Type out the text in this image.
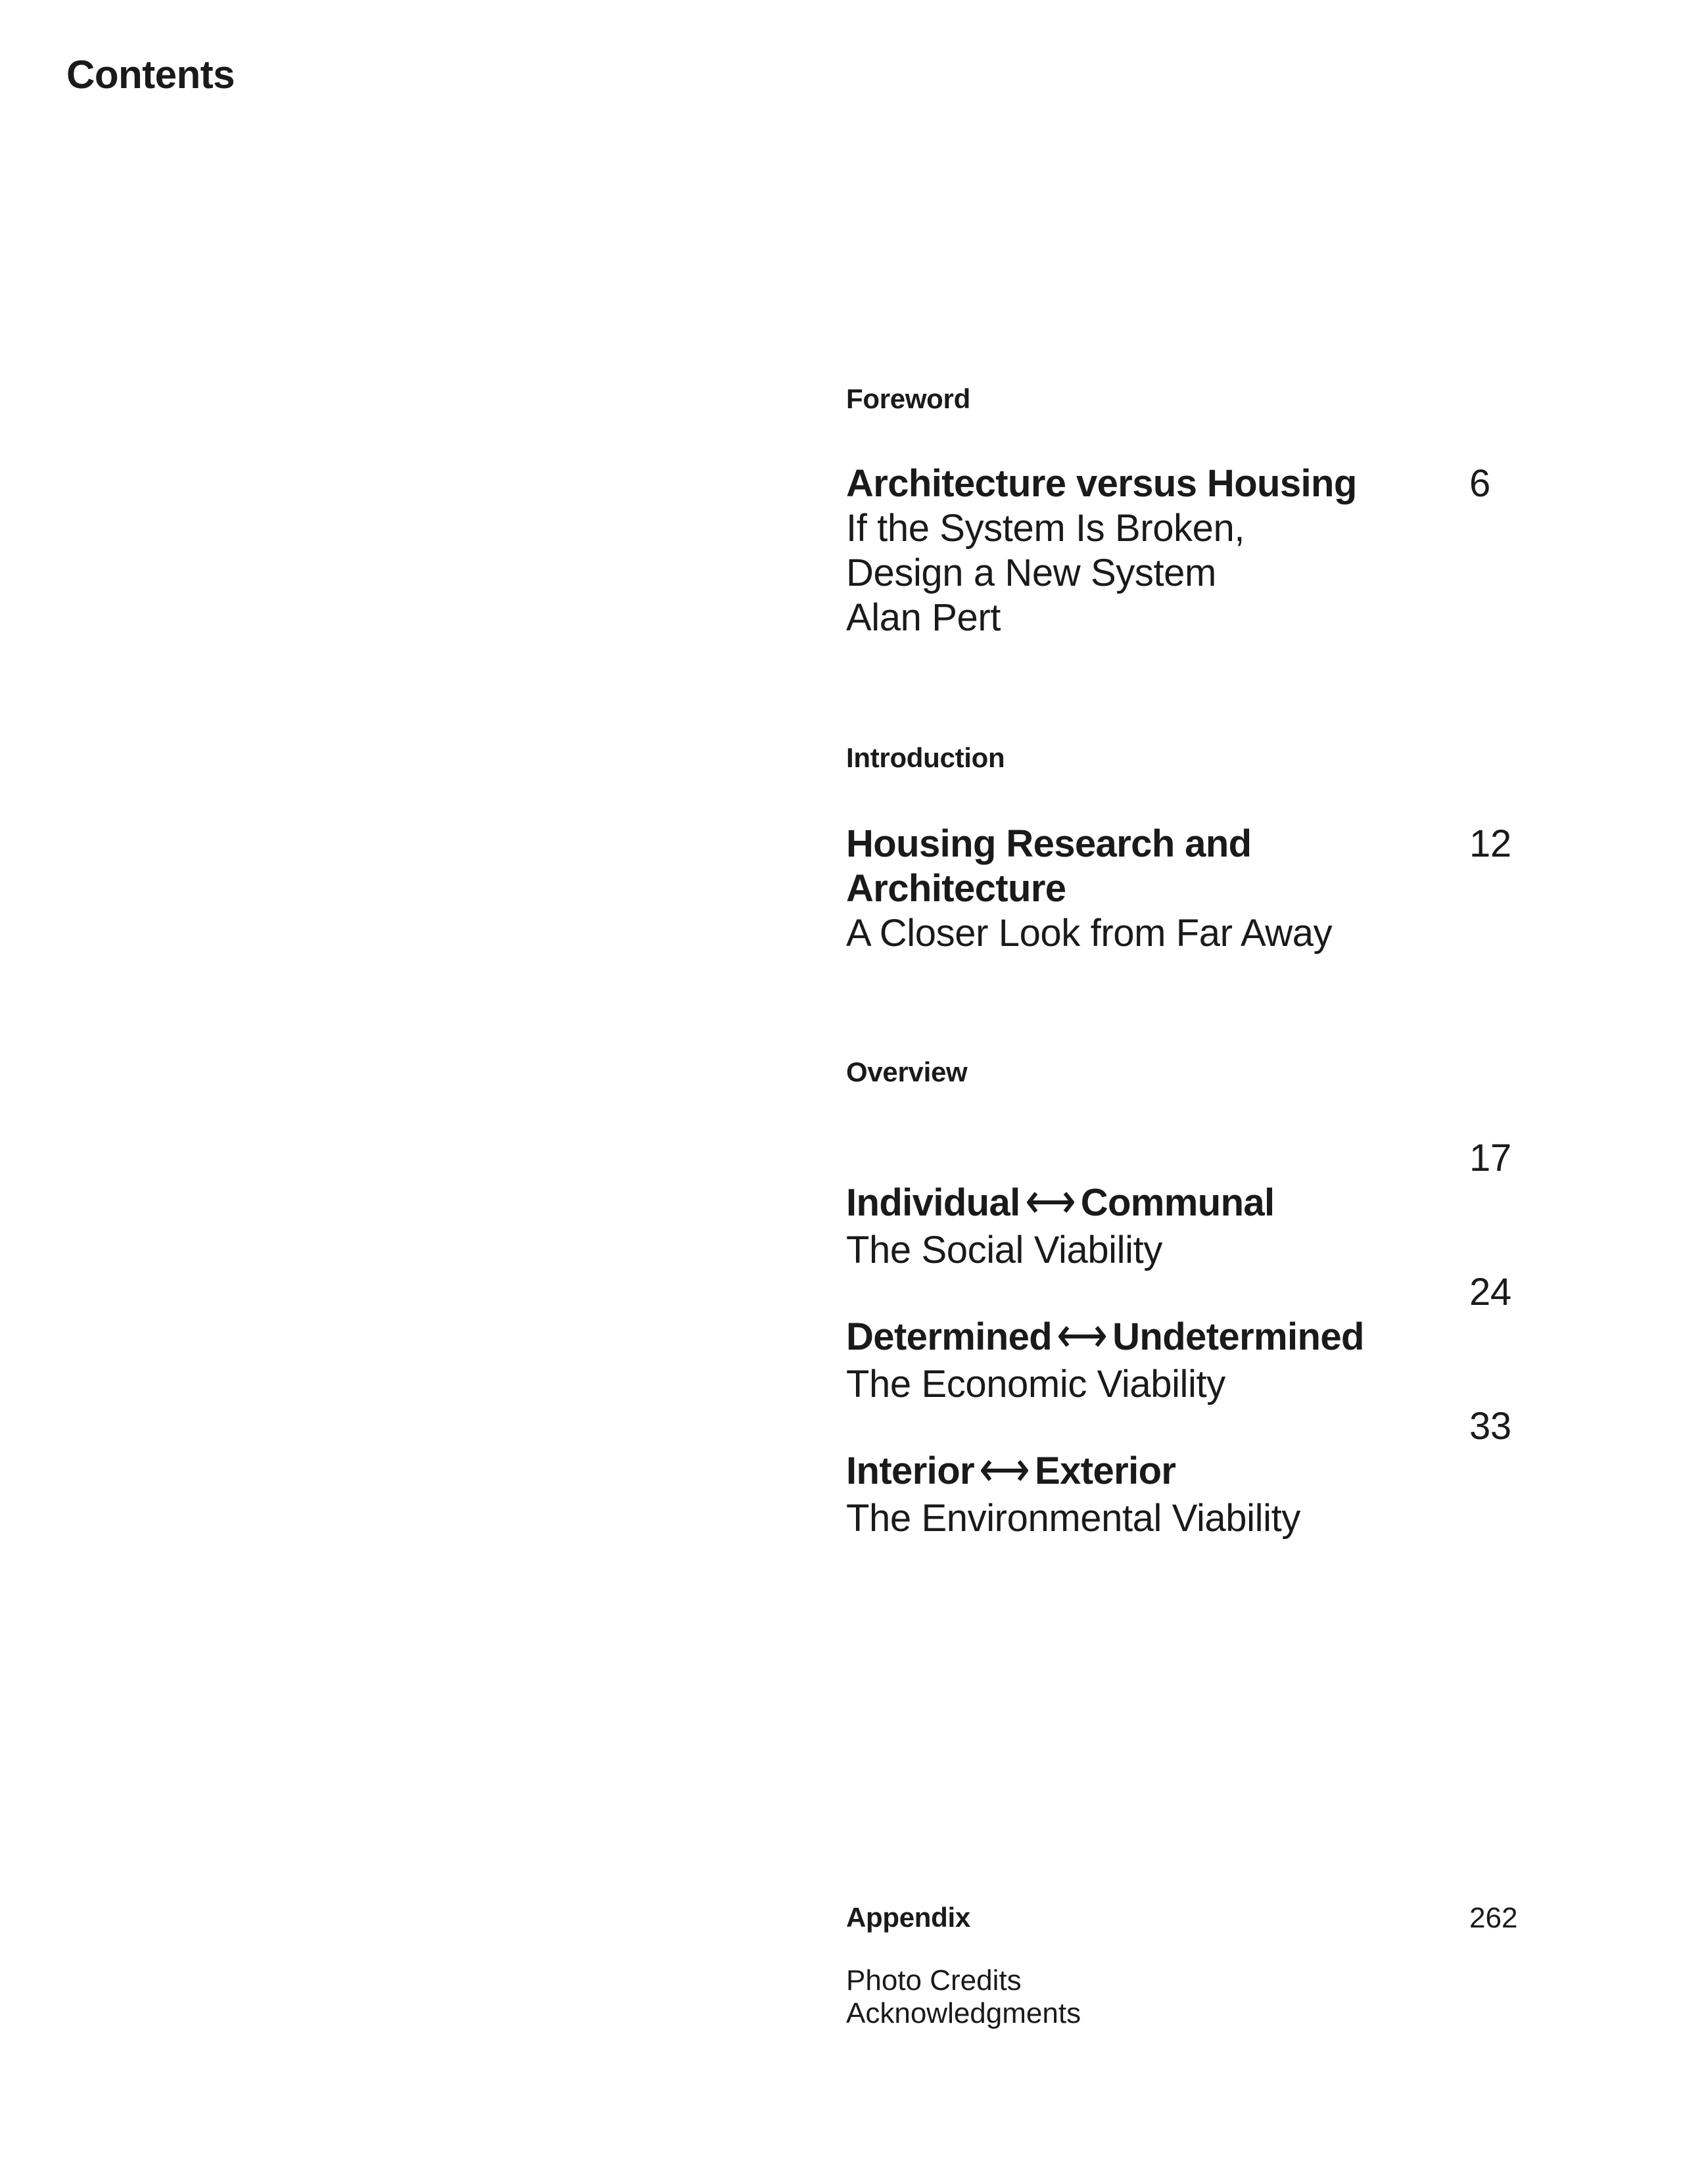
Contents
Foreword
Architecture versus Housing
If the System Is Broken,
Design a New System
Alan Pert
6
Introduction
Housing Research and
Architecture
A Closer Look from Far Away
12
Overview

Individual Communal

The Social Viability
17

Determined Undetermined

The Economic Viability
24

Interior Exterior

The Environmental Viability
33
Appendix	262
Photo Credits
Acknowledgments
